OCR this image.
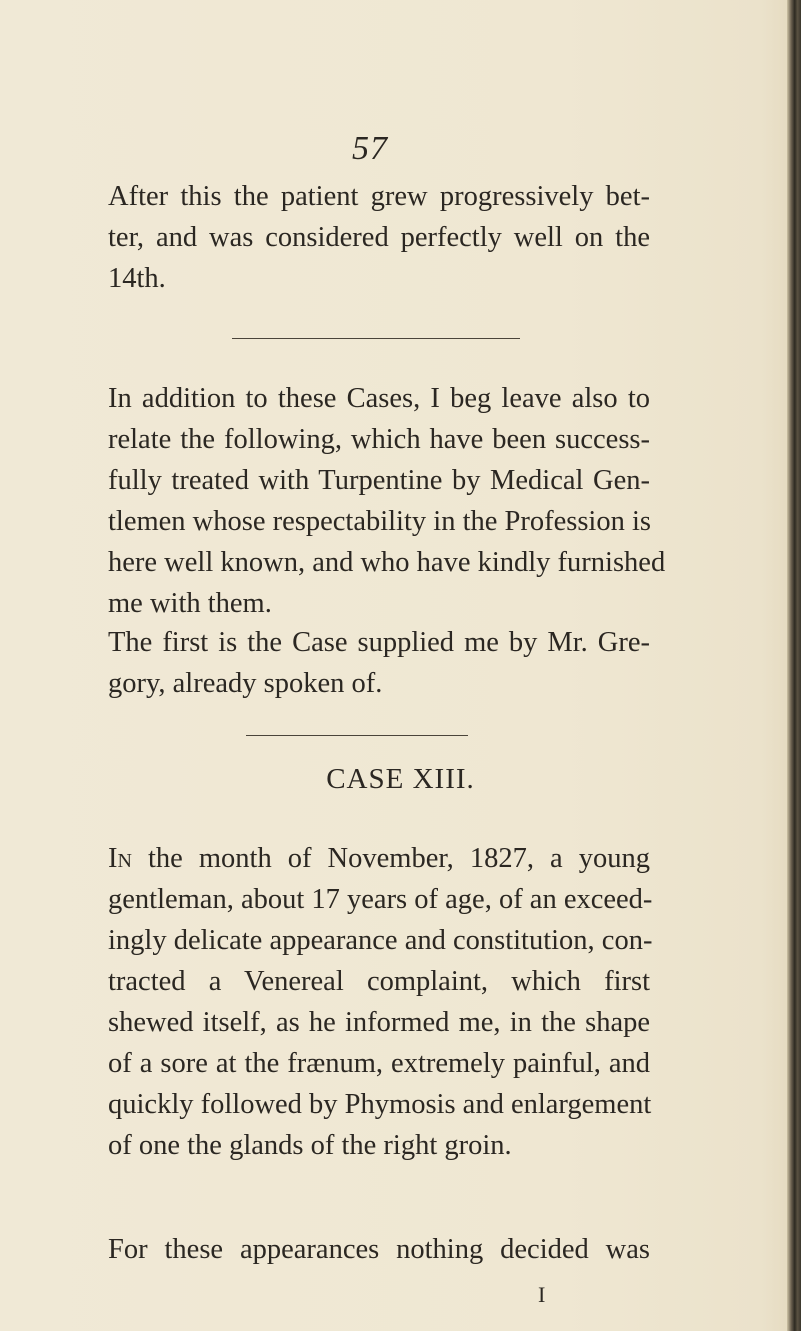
57
After this the patient grew progressively bet-
ter, and was considered perfectly well on the
14th.
In addition to these Cases, I beg leave also to
relate the following, which have been success-
fully treated with Turpentine by Medical Gen-
tlemen whose respectability in the Profession is
here well known, and who have kindly furnished
me with them.
The first is the Case supplied me by Mr. Gre-
gory, already spoken of.
CASE XIII.
In the month of November, 1827, a young
gentleman, about 17 years of age, of an exceed-
ingly delicate appearance and constitution, con-
tracted a Venereal complaint, which first
shewed itself, as he informed me, in the shape
of a sore at the frænum, extremely painful, and
quickly followed by Phymosis and enlargement
of one the glands of the right groin.
For these appearances nothing decided was
I
